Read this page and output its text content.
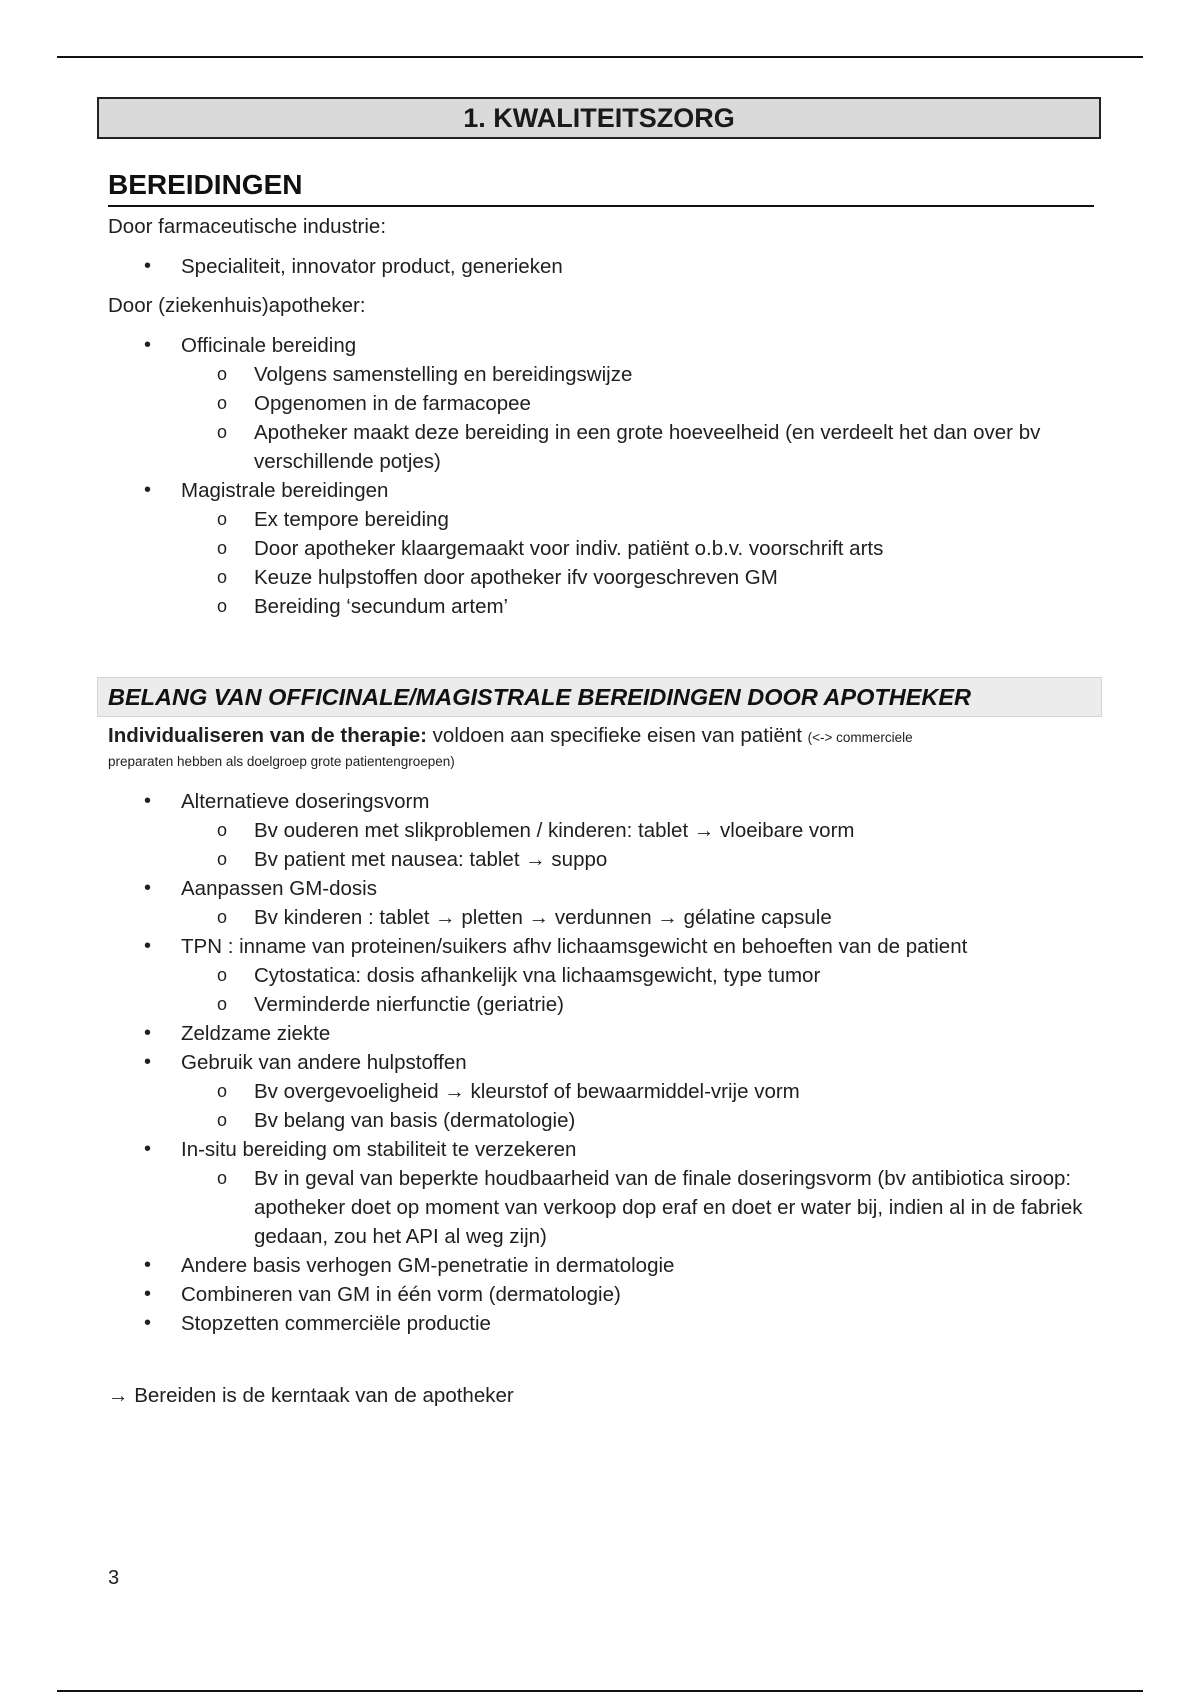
1. KWALITEITSZORG
BEREIDINGEN

Door farmaceutische industrie:

• Specialiteit, innovator product, generieken

Door (ziekenhuis)apotheker:

• Officinale bereiding
o Volgens samenstelling en bereidingswijze
o Opgenomen in de farmacopee
o Apotheker maakt deze bereiding in een grote hoeveelheid (en verdeelt het dan over bv verschillende potjes)
• Magistrale bereidingen
o Ex tempore bereiding
o Door apotheker klaargemaakt voor indiv. patiënt o.b.v. voorschrift arts
o Keuze hulpstoffen door apotheker ifv voorgeschreven GM
o Bereiding ‘secundum artem’
BELANG VAN OFFICINALE/MAGISTRALE BEREIDINGEN DOOR APOTHEKER
Individualiseren van de therapie: voldoen aan specifieke eisen van patiënt (<-> commerciele
preparaten hebben als doelgroep grote patientengroepen)
• Alternatieve doseringsvorm
o Bv ouderen met slikproblemen / kinderen: tablet → vloeibare vorm
o Bv patient met nausea: tablet → suppo
• Aanpassen GM-dosis
o Bv kinderen : tablet → pletten → verdunnen → gélatine capsule
• TPN : inname van proteinen/suikers afhv lichaamsgewicht en behoeften van de patient
o Cytostatica: dosis afhankelijk vna lichaamsgewicht, type tumor
o Verminderde nierfunctie (geriatrie)
• Zeldzame ziekte
• Gebruik van andere hulpstoffen
o Bv overgevoeligheid → kleurstof of bewaarmiddel-vrije vorm
o Bv belang van basis (dermatologie)
• In-situ bereiding om stabiliteit te verzekeren
o Bv in geval van beperkte houdbaarheid van de finale doseringsvorm (bv antibiotica siroop: apotheker doet op moment van verkoop dop eraf en doet er water bij, indien al in de fabriek gedaan, zou het API al weg zijn)
• Andere basis verhogen GM-penetratie in dermatologie
• Combineren van GM in één vorm (dermatologie)
• Stopzetten commerciële productie

→ Bereiden is de kerntaak van de apotheker

3
